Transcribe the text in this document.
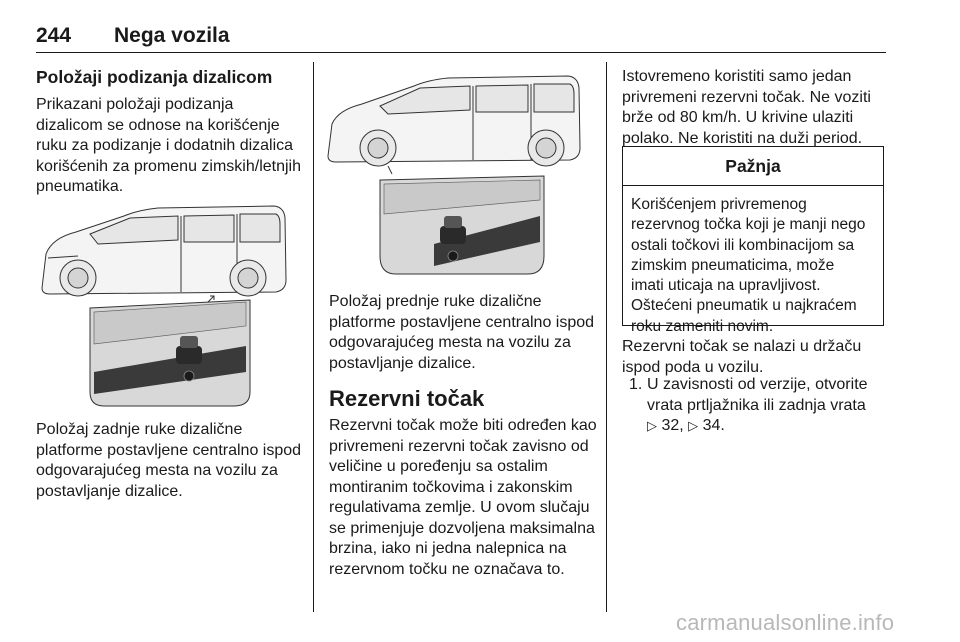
244 Nega vozila
Položaji podizanja dizalicom

Prikazani položaji podizanja

dizalicom se odnose na korišćenje

ruku za podizanje i dodatnih dizalica

korišćenih za promenu zimskih/letnjih

pneumatika.

Položaj zadnje ruke dizalične

platforme postavljene centralno ispod

odgovarajućeg mesta na vozilu za

postavljanje dizalice.

Položaj prednje ruke dizalične

platforme postavljene centralno ispod

odgovarajućeg mesta na vozilu za

postavljanje dizalice.

Rezervni točak

Rezervni točak može biti određen kao

privremeni rezervni točak zavisno od

veličine u poređenju sa ostalim

montiranim točkovima i zakonskim

regulativama zemlje. U ovom slučaju

se primenjuje dozvoljena maksimalna

brzina, iako ni jedna nalepnica na

rezervnom točku ne označava to.

Istovremeno koristiti samo jedan

privremeni rezervni točak. Ne voziti

brže od 80 km/h. U krivine ulaziti

polako. Ne koristiti na duži period.

Pažnja
Korišćenjem privremenog
rezervnog točka koji je manji nego
ostali točkovi ili kombinacijom sa
zimskim pneumaticima, može
imati uticaja na upravljivost.
Oštećeni pneumatik u najkraćem
roku zameniti novim.

Rezervni točak se nalazi u držaču

ispod poda u vozilu.

1. U zavisnosti od verzije, otvorite
vrata prtljažnika ili zadnja vrata
▷ 32, ▷ 34.
carmanualsonline.info
